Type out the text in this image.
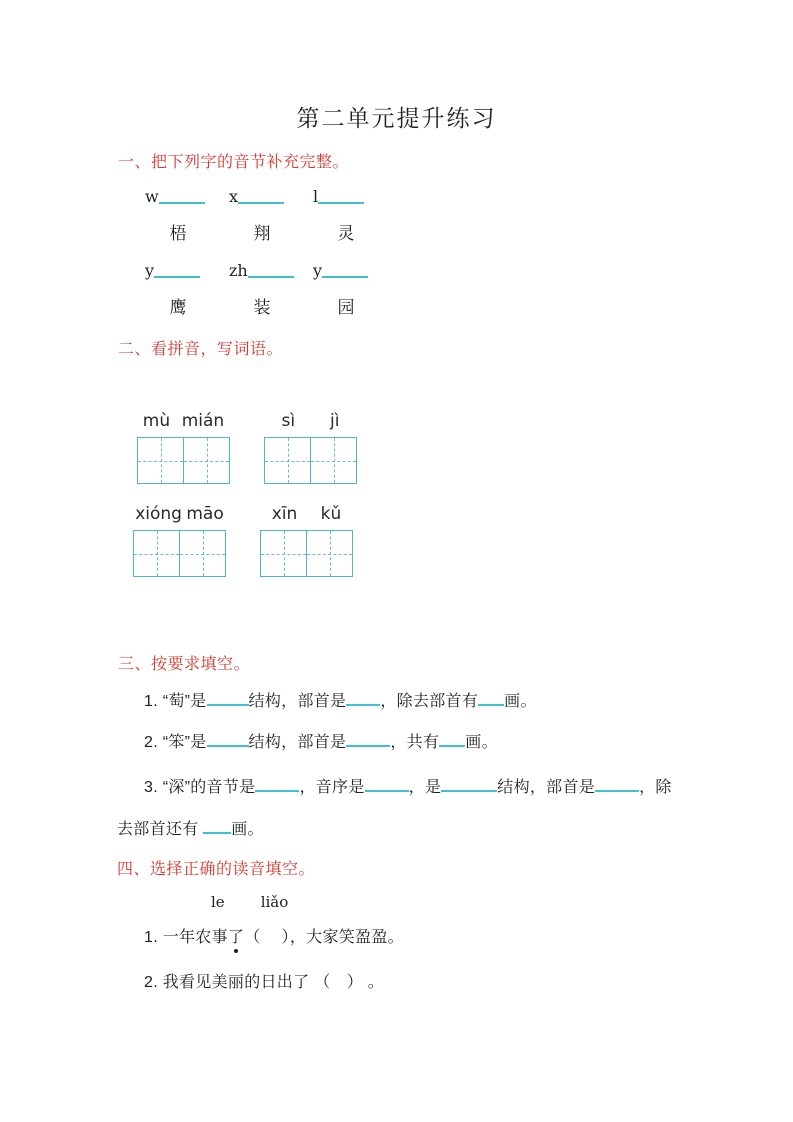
第二单元提升练习
一、把下列字的音节补充完整。
w
梧
x
翔
l
灵
y
鹰
zh
装
y
园
二、看拼音，写词语。
mù mián	sì jì
xióng māo	xīn kǔ
三、按要求填空。
1. “萄”是	结构，部首是 ，除去部首有 画。
2. “笨”是	结构，部首是	，共有 画。
3. “深”的音节是	，音序是	，是	结构，部首是	，除
去部首还有 画。
四、选择正确的读音填空。
le liǎo
1. 一年农事了（　 ），大家笑盈盈。
2. 我看见美丽的日出了 （　） 。
